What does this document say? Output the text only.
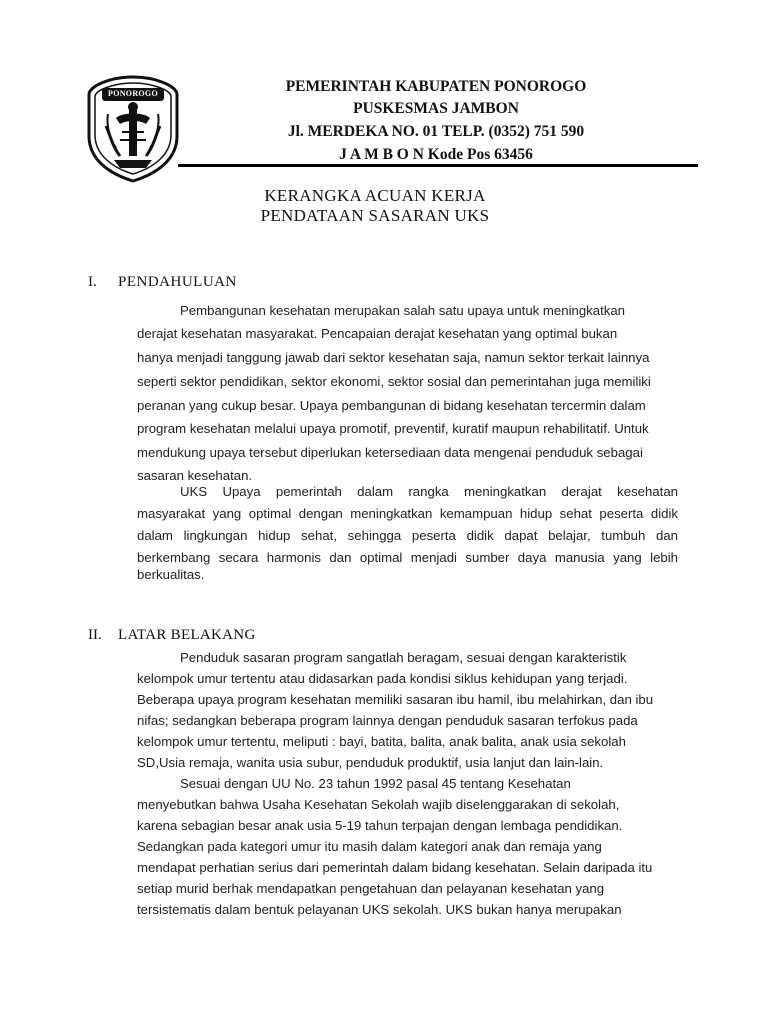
PONOROGO	PEMERINTAH KABUPATEN PONOROGO
PUSKESMAS JAMBON
Jl. MERDEKA NO. 01 TELP. (0352) 751 590
J A M B O N Kode Pos 63456
KERANGKA ACUAN KERJA
PENDATAAN SASARAN UKS
I. PENDAHULUAN
Pembangunan kesehatan merupakan salah satu upaya untuk meningkatkan
derajat kesehatan masyarakat. Pencapaian derajat kesehatan yang optimal bukan
hanya menjadi tanggung jawab dari sektor kesehatan saja, namun sektor terkait lainnya
seperti sektor pendidikan, sektor ekonomi, sektor sosial dan pemerintahan juga memiliki
peranan yang cukup besar. Upaya pembangunan di bidang kesehatan tercermin dalam
program kesehatan melalui upaya promotif, preventif, kuratif maupun rehabilitatif. Untuk
mendukung upaya tersebut diperlukan ketersediaan data mengenai penduduk sebagai
sasaran kesehatan.
UKS Upaya pemerintah dalam rangka meningkatkan derajat kesehatan
masyarakat yang optimal dengan meningkatkan kemampuan hidup sehat peserta didik
dalam lingkungan hidup sehat, sehingga peserta didik dapat belajar, tumbuh dan
berkembang secara harmonis dan optimal menjadi sumber daya manusia yang lebih
berkualitas.
II. LATAR BELAKANG
Penduduk sasaran program sangatlah beragam, sesuai dengan karakteristik
kelompok umur tertentu atau didasarkan pada kondisi siklus kehidupan yang terjadi.
Beberapa upaya program kesehatan memiliki sasaran ibu hamil, ibu melahirkan, dan ibu
nifas; sedangkan beberapa program lainnya dengan penduduk sasaran terfokus pada
kelompok umur tertentu, meliputi : bayi, batita, balita, anak balita, anak usia sekolah
SD,Usia remaja, wanita usia subur, penduduk produktif, usia lanjut dan lain-lain.
Sesuai dengan UU No. 23 tahun 1992 pasal 45 tentang Kesehatan
menyebutkan bahwa Usaha Kesehatan Sekolah wajib diselenggarakan di sekolah,
karena sebagian besar anak usia 5-19 tahun terpajan dengan lembaga pendidikan.
Sedangkan pada kategori umur itu masih dalam kategori anak dan remaja yang
mendapat perhatian serius dari pemerintah dalam bidang kesehatan. Selain daripada itu
setiap murid berhak mendapatkan pengetahuan dan pelayanan kesehatan yang
tersistematis dalam bentuk pelayanan UKS sekolah. UKS bukan hanya merupakan
